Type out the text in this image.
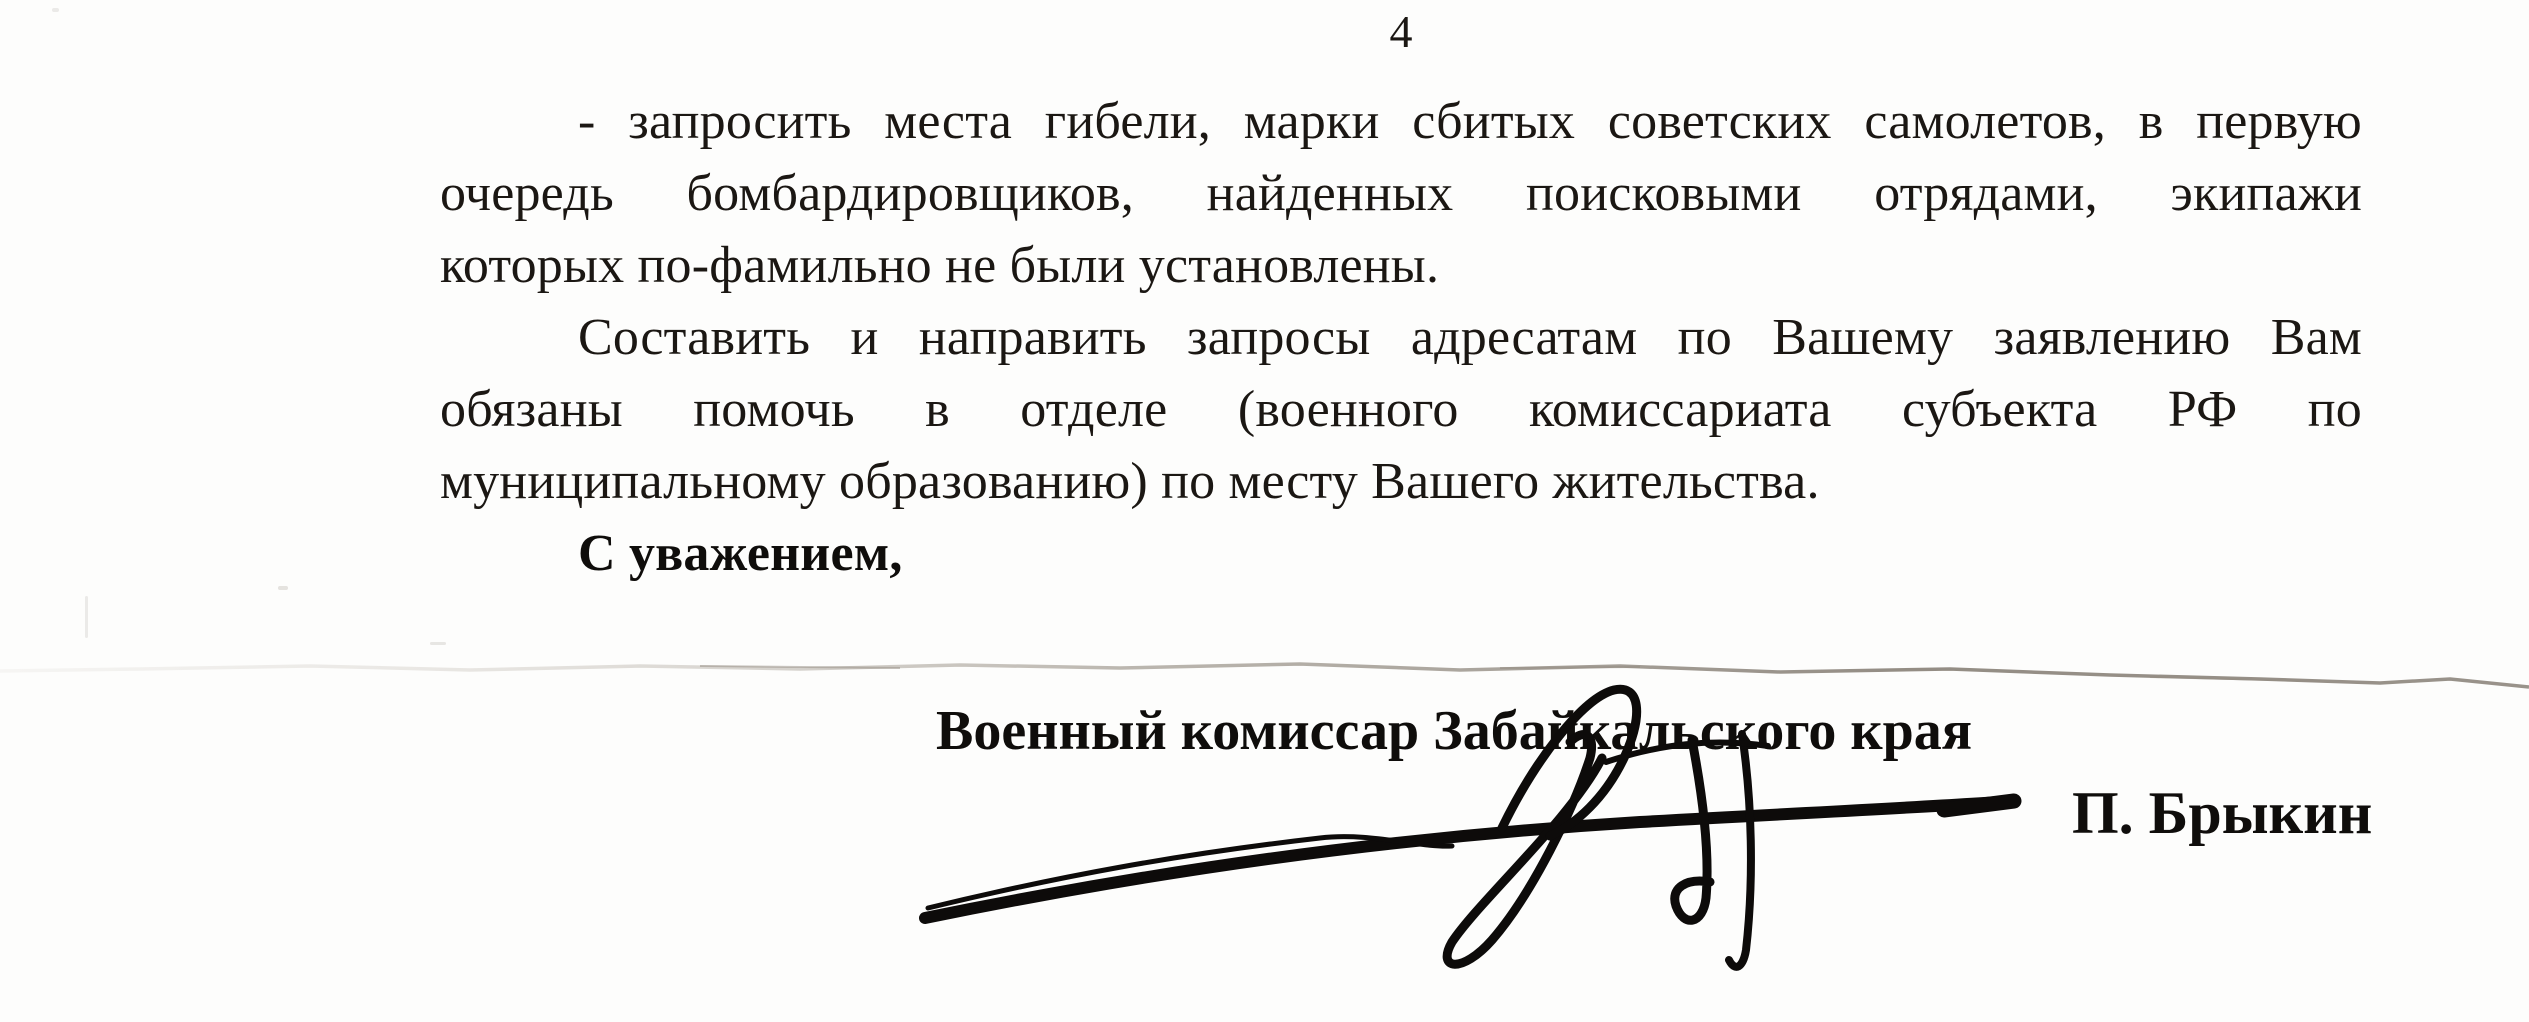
4
- запросить места гибели, марки сбитых советских самолетов, в первую
очередь бомбардировщиков, найденных поисковыми отрядами, экипажи
которых по-фамильно не были установлены.
Составить и направить запросы адресатам по Вашему заявлению Вам
обязаны помочь в отделе (военного комиссариата субъекта РФ по
муниципальному образованию) по месту Вашего жительства.
С уважением,
Военный комиссар Забайкальского края
П. Брыкин
